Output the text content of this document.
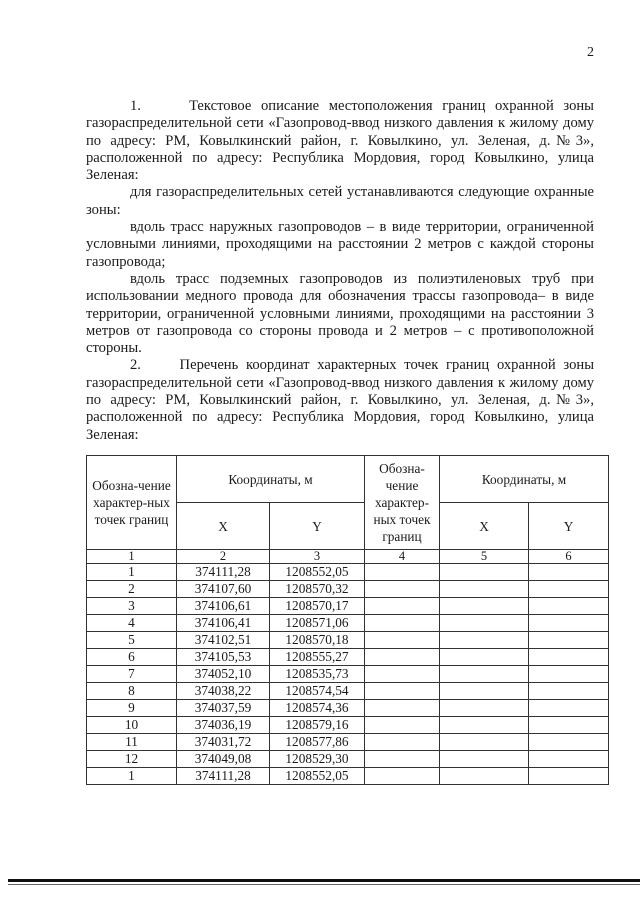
2

1.     Текстовое описание местоположения границ охранной зоны газораспределительной сети «Газопровод-ввод низкого давления к жилому дому по адресу: РМ, Ковылкинский район, г. Ковылкино, ул. Зеленая, д.№3», расположенной по адресу: Республика Мордовия, город Ковылкино, улица Зеленая:

для газораспределительных сетей устанавливаются следующие охранные зоны:

вдоль трасс наружных газопроводов – в виде территории, ограниченной условными линиями, проходящими на расстоянии 2 метров с каждой стороны газопровода;

вдоль трасс подземных газопроводов из полиэтиленовых труб при использовании медного провода для обозначения трассы газопровода– в виде территории, ограниченной условными линиями, проходящими на расстоянии 3 метров от газопровода со стороны провода и 2 метров – с противоположной стороны.

2.     Перечень координат характерных точек границ охранной зоны газораспределительной сети «Газопровод-ввод низкого давления к жилому дому по адресу: РМ, Ковылкинский район, г. Ковылкино, ул. Зеленая, д.№3», расположенной по адресу: Республика Мордовия, город Ковылкино, улица Зеленая:

Обозна-чение характер-ных точек границ	Координаты, м		Обозна-чение характер-ных точек границ	Координаты, м	
	X	Y		X	Y
1	2	3	4	5	6
1	374111,28	1208552,05			
2	374107,60	1208570,32			
3	374106,61	1208570,17			
4	374106,41	1208571,06			
5	374102,51	1208570,18			
6	374105,53	1208555,27			
7	374052,10	1208535,73			
8	374038,22	1208574,54			
9	374037,59	1208574,36			
10	374036,19	1208579,16			
11	374031,72	1208577,86			
12	374049,08	1208529,30			
1	374111,28	1208552,05			
